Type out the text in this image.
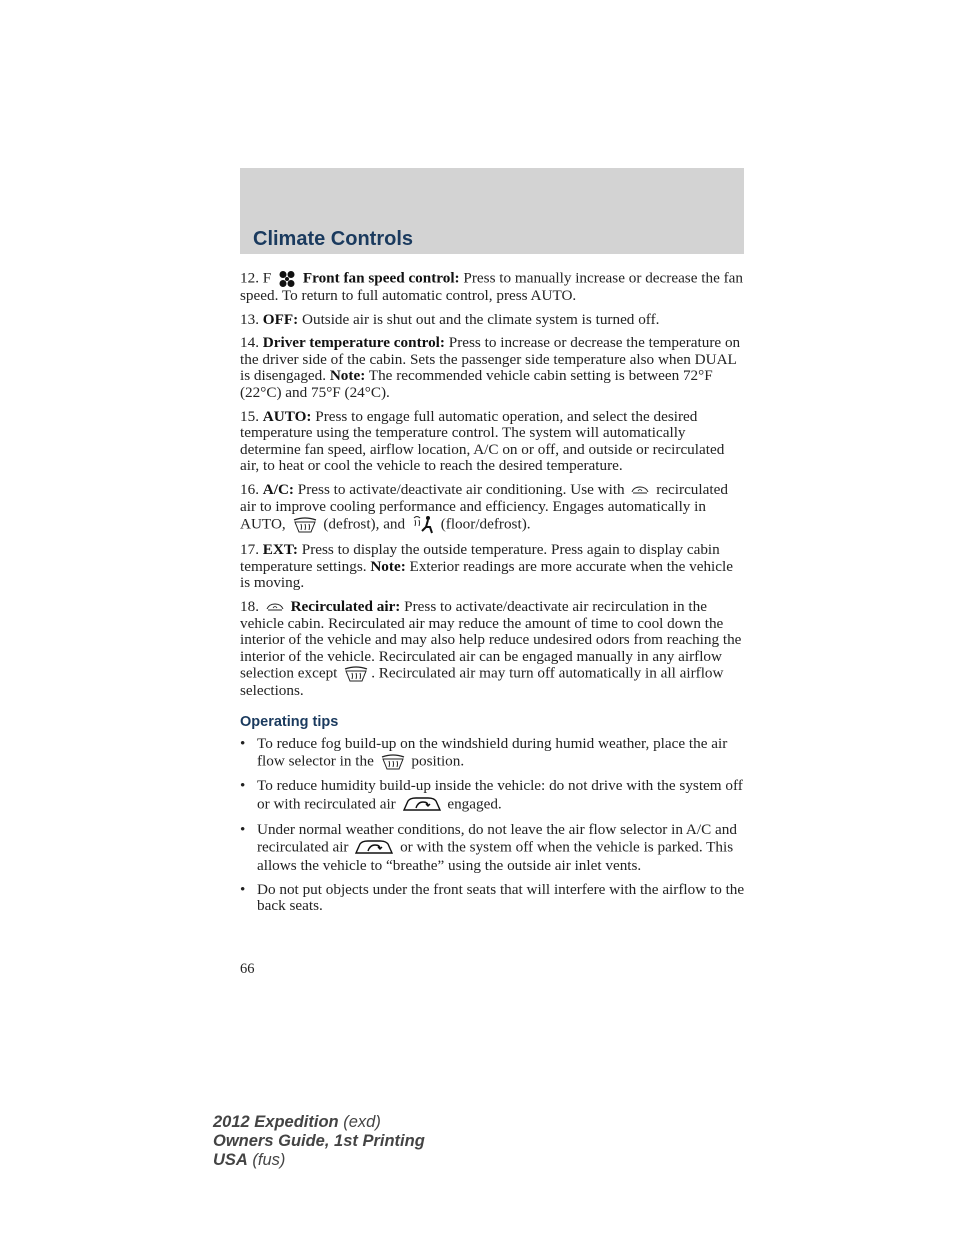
Climate Controls

12. F Front fan speed control: Press to manually increase or decrease the fan speed. To return to full automatic control, press AUTO.

13. OFF: Outside air is shut out and the climate system is turned off.

14. Driver temperature control: Press to increase or decrease the temperature on the driver side of the cabin. Sets the passenger side temperature also when DUAL is disengaged. Note: The recommended vehicle cabin setting is between 72°F (22°C) and 75°F (24°C).

15. AUTO: Press to engage full automatic operation, and select the desired temperature using the temperature control. The system will automatically determine fan speed, airflow location, A/C on or off, and outside or recirculated air, to heat or cool the vehicle to reach the desired temperature.

16. A/C: Press to activate/deactivate air conditioning. Use with  recirculated air to improve cooling performance and efficiency. Engages automatically in AUTO,  (defrost), and  (floor/defrost).

17. EXT: Press to display the outside temperature. Press again to display cabin temperature settings. Note: Exterior readings are more accurate when the vehicle is moving.

18. Recirculated air: Press to activate/deactivate air recirculation in the vehicle cabin. Recirculated air may reduce the amount of time to cool down the interior of the vehicle and may also help reduce undesired odors from reaching the interior of the vehicle. Recirculated air can be engaged manually in any airflow selection except . Recirculated air may turn off automatically in all airflow selections.

Operating tips
• To reduce fog build-up on the windshield during humid weather, place the air flow selector in the  position.
• To reduce humidity build-up inside the vehicle: do not drive with the system off or with recirculated air	engaged.
• Under normal weather conditions, do not leave the air flow selector in A/C and recirculated air	or with the system off when the vehicle is parked. This allows the vehicle to “breathe” using the outside air inlet vents.
• Do not put objects under the front seats that will interfere with the airflow to the back seats.
66
2012 Expedition (exd)
Owners Guide, 1st Printing
USA (fus)
